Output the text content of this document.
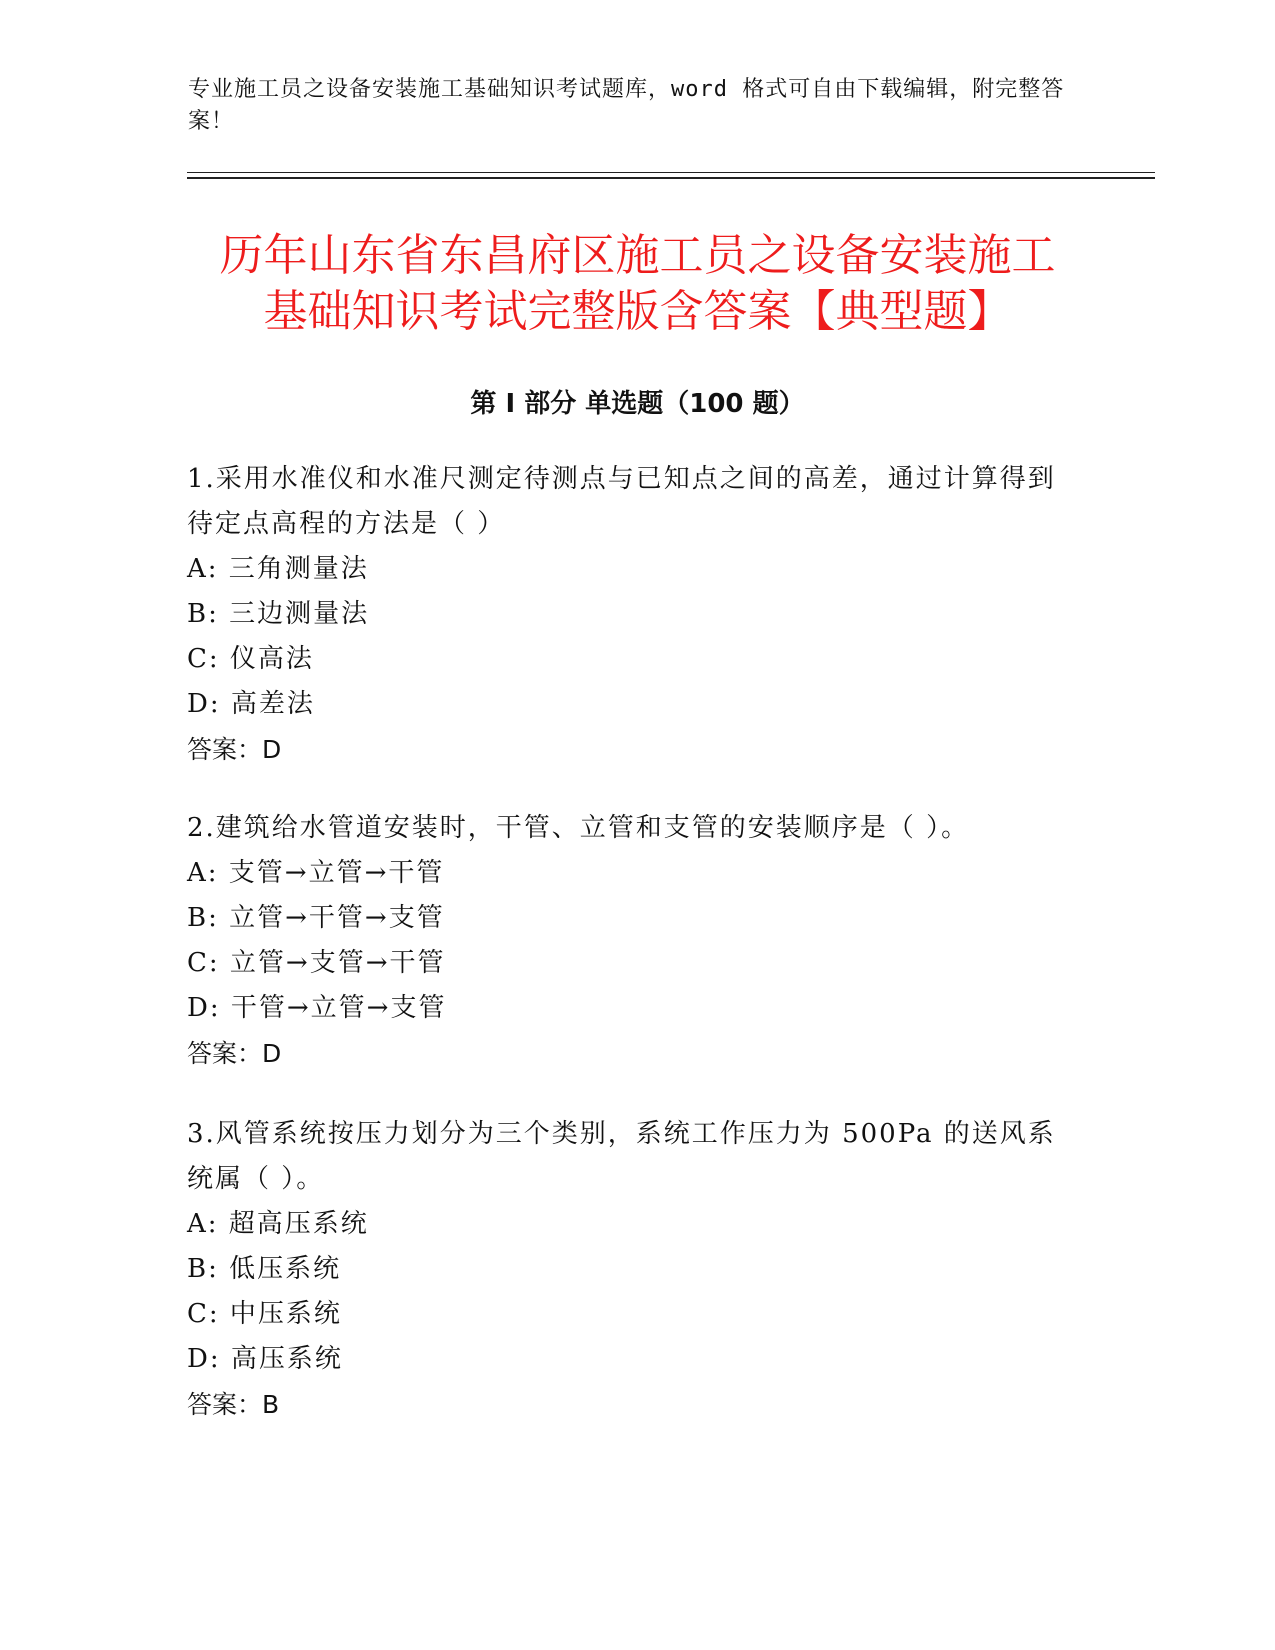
专业施工员之设备安装施工基础知识考试题库，word 格式可自由下载编辑，附完整答案！
历年山东省东昌府区施工员之设备安装施工
基础知识考试完整版含答案【典型题】
第 I 部分 单选题（100 题）

1.采用水准仪和水准尺测定待测点与已知点之间的高差，通过计算得到待定点高程的方法是（ ）

A: 三角测量法

B: 三边测量法

C: 仪高法

D: 高差法

答案：D

2.建筑给水管道安装时，干管、立管和支管的安装顺序是（ ）。

A: 支管→立管→干管

B: 立管→干管→支管

C: 立管→支管→干管

D: 干管→立管→支管

答案：D

3.风管系统按压力划分为三个类别，系统工作压力为 500Pa 的送风系统属（ ）。

A: 超高压系统

B: 低压系统

C: 中压系统

D: 高压系统

答案：B
